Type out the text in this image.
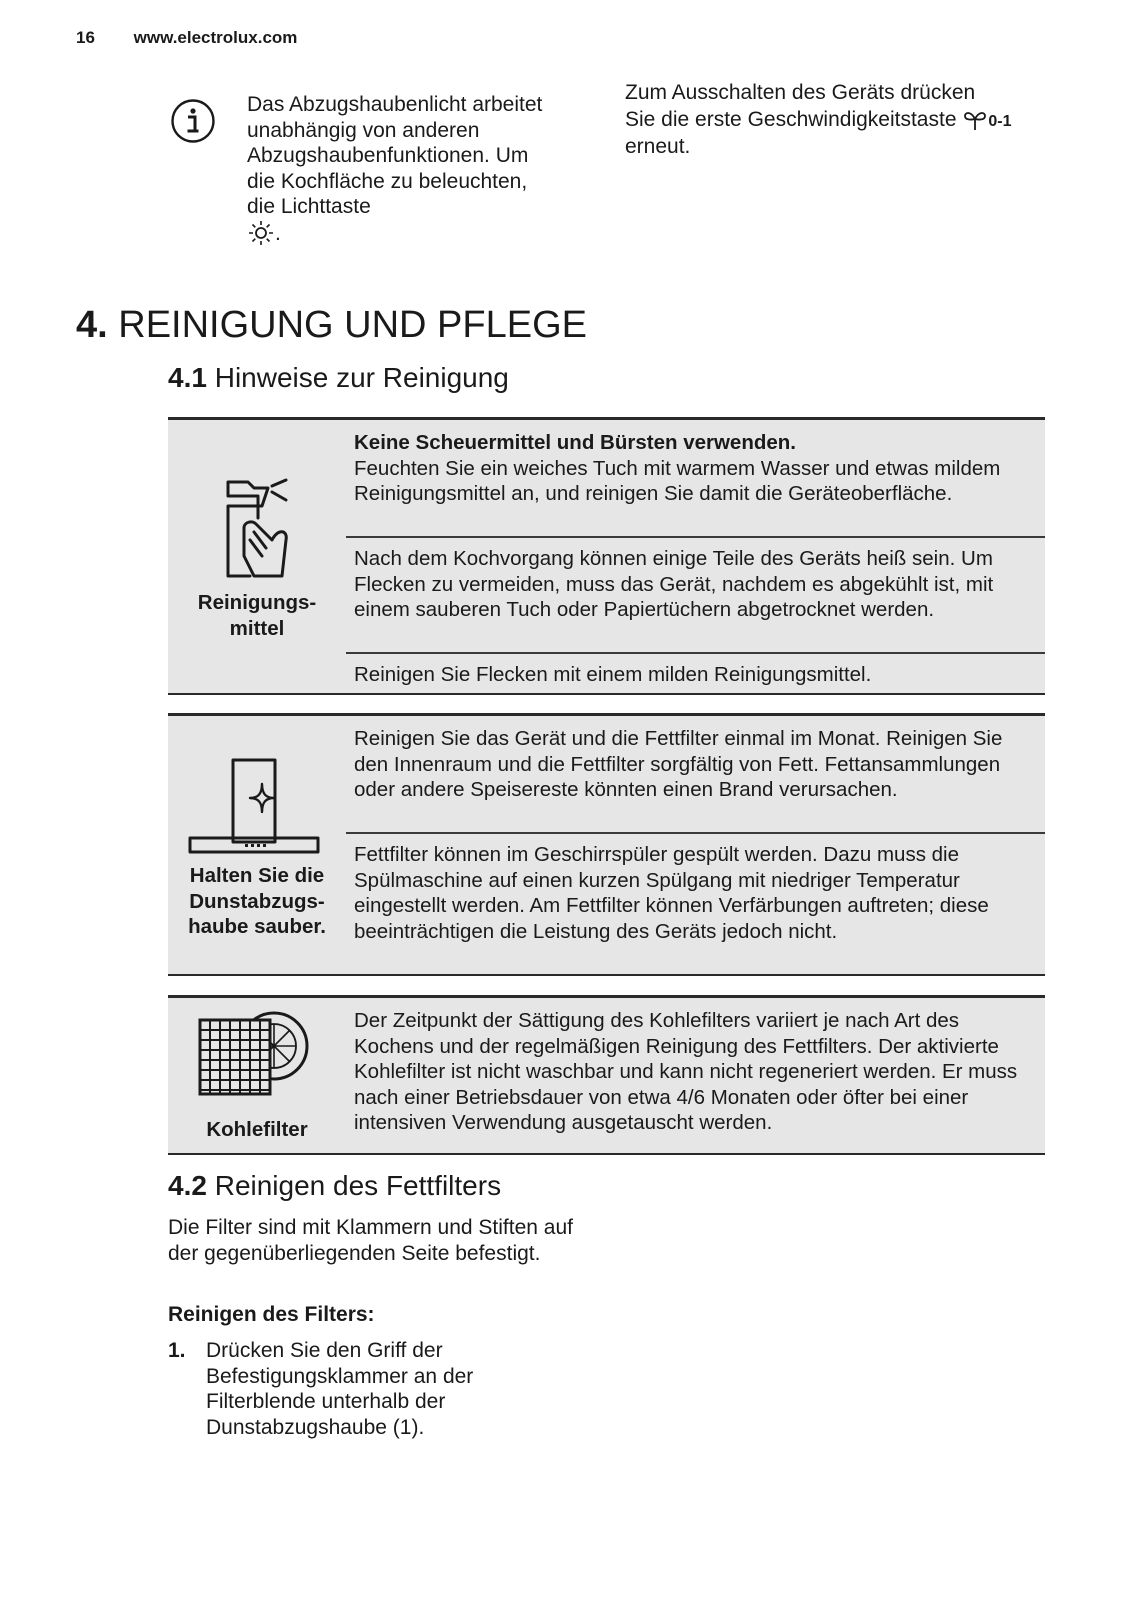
16 www.electrolux.com
Das Abzugshaubenlicht arbeitet unabhängig von anderen Abzugshaubenfunktionen. Um die Kochfläche zu beleuchten, die Lichttaste
.
Zum Ausschalten des Geräts drücken
Sie die erste Geschwindigkeitstaste 0-1
erneut.
4. REINIGUNG UND PFLEGE
4.1 Hinweise zur Reinigung
Reinigungs-
mittel
Keine Scheuermittel und Bürsten verwenden.
Feuchten Sie ein weiches Tuch mit warmem Wasser und etwas mildem Reinigungsmittel an, und reinigen Sie damit die Geräteoberfläche.
Nach dem Kochvorgang können einige Teile des Geräts heiß sein. Um Flecken zu vermeiden, muss das Gerät, nachdem es abgekühlt ist, mit einem sauberen Tuch oder Papiertüchern abgetrocknet werden.
Reinigen Sie Flecken mit einem milden Reinigungsmittel.
Halten Sie die
Dunstabzugs-
haube sauber.
Reinigen Sie das Gerät und die Fettfilter einmal im Monat. Reinigen Sie den Innenraum und die Fettfilter sorgfältig von Fett. Fettansammlungen oder andere Speisereste könnten einen Brand verursachen.
Fettfilter können im Geschirrspüler gespült werden. Dazu muss die Spülmaschine auf einen kurzen Spülgang mit niedriger Temperatur eingestellt werden. Am Fettfilter können Verfärbungen auftreten; diese beeinträchtigen die Leistung des Geräts jedoch nicht.
Kohlefilter
Der Zeitpunkt der Sättigung des Kohlefilters variiert je nach Art des Kochens und der regelmäßigen Reinigung des Fettfilters. Der aktivierte Kohlefilter ist nicht waschbar und kann nicht regeneriert werden. Er muss nach einer Betriebsdauer von etwa 4/6 Monaten oder öfter bei einer intensiven Verwendung ausgetauscht werden.
4.2 Reinigen des Fettfilters
Die Filter sind mit Klammern und Stiften auf der gegenüberliegenden Seite befestigt.
Reinigen des Filters:
1. Drücken Sie den Griff der Befestigungsklammer an der Filterblende unterhalb der Dunstabzugshaube (1).
